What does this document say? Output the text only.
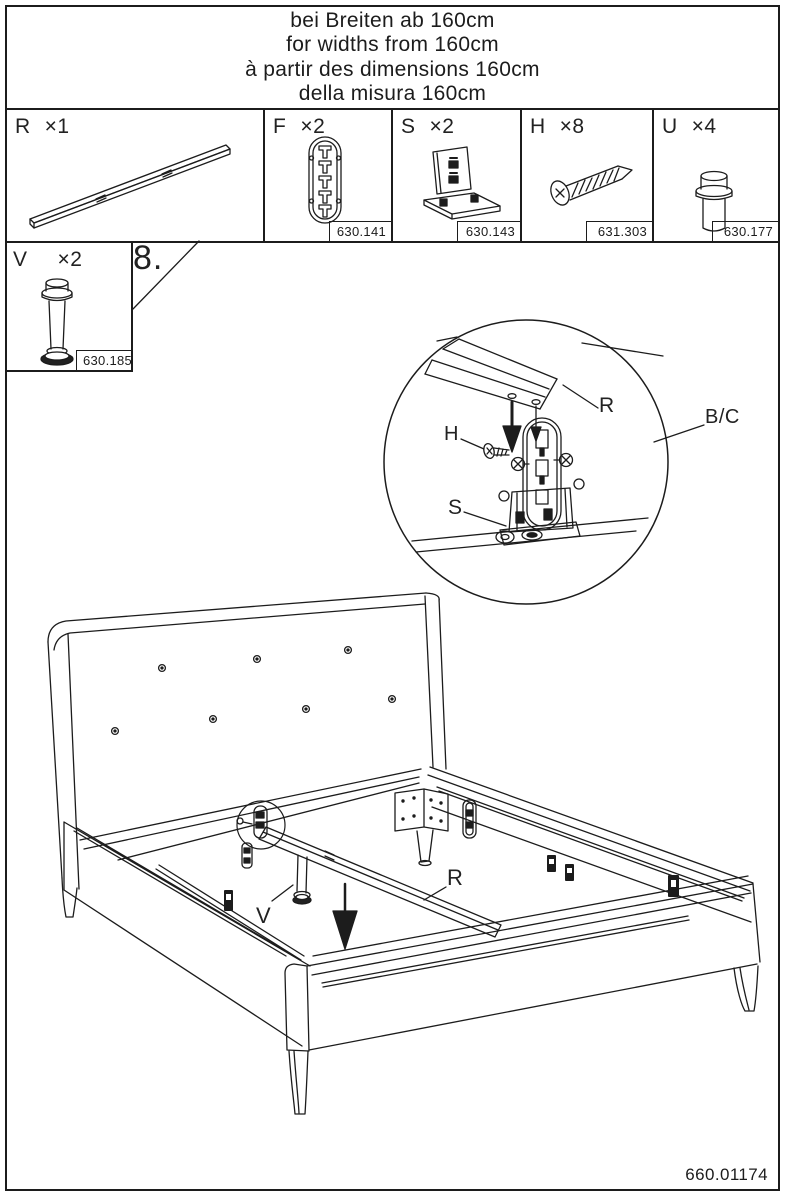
bei Breiten ab 160cm
for widths from 160cm
à partir des dimensions 160cm
della misura 160cm
R ×1	F ×2
630.141
S ×2
630.143
H ×8
631.303
U ×4
630.177
V ×2
630.185
660.01174
8.
H
R
S
B/C
V
R
